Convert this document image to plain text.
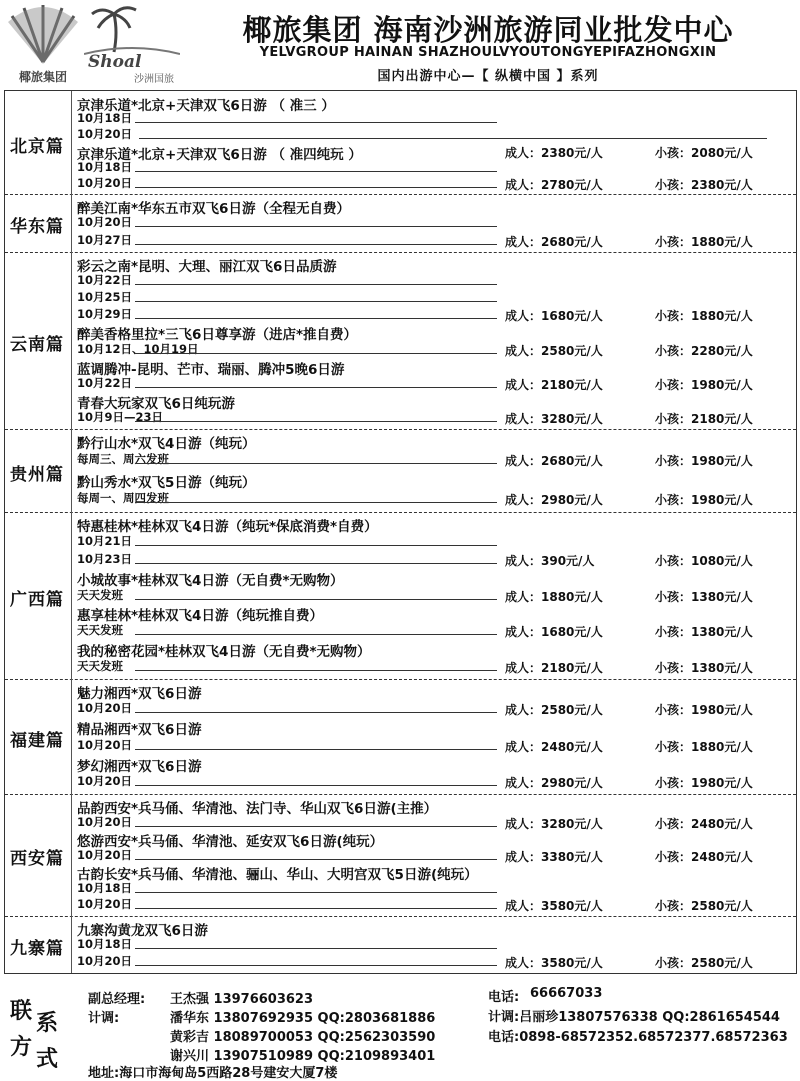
椰旅集团
Shoal
沙洲国旅
椰旅集团 海南沙洲旅游同业批发中心
YELVGROUP HAINAN SHAZHOULVYOUTONGYEPIFAZHONGXIN
国内出游中心—【 纵横中国 】系列
北京篇
京津乐道*北京+天津双飞6日游 （ 准三 ）
10月18日
10月20日
京津乐道*北京+天津双飞6日游 （ 准四纯玩 ）	成人：2380元/人	小孩：2080元/人
10月18日
10月20日	成人：2780元/人	小孩：2380元/人
华东篇
醉美江南*华东五市双飞6日游（全程无自费）
10月20日
10月27日	成人：2680元/人	小孩：1880元/人
云南篇
彩云之南*昆明、大理、丽江双飞6日品质游
10月22日
10月25日
10月29日	成人：1680元/人	小孩：1880元/人
醉美香格里拉*三飞6日尊享游（进店*推自费）
10月12日、10月19日	成人：2580元/人	小孩：2280元/人
蓝调腾冲-昆明、芒市、瑞丽、腾冲5晚6日游
10月22日	成人：2180元/人	小孩：1980元/人
青春大玩家双飞6日纯玩游
10月9日—23日	成人：3280元/人	小孩：2180元/人
贵州篇
黔行山水*双飞4日游（纯玩）
每周三、周六发班	成人：2680元/人	小孩：1980元/人
黔山秀水*双飞5日游（纯玩）
每周一、周四发班	成人：2980元/人	小孩：1980元/人
广西篇
特惠桂林*桂林双飞4日游（纯玩*保底消费*自费）
10月21日
10月23日	成人：390元/人	小孩：1080元/人
小城故事*桂林双飞4日游（无自费*无购物）
天天发班	成人：1880元/人	小孩：1380元/人
惠享桂林*桂林双飞4日游（纯玩推自费）
天天发班	成人：1680元/人	小孩：1380元/人
我的秘密花园*桂林双飞4日游（无自费*无购物）
天天发班	成人：2180元/人	小孩：1380元/人
福建篇
魅力湘西*双飞6日游
10月20日	成人：2580元/人	小孩：1980元/人
精品湘西*双飞6日游
10月20日	成人：2480元/人	小孩：1880元/人
梦幻湘西*双飞6日游
10月20日	成人：2980元/人	小孩：1980元/人
西安篇
品韵西安*兵马俑、华清池、法门寺、华山双飞6日游(主推）
10月20日	成人：3280元/人	小孩：2480元/人
悠游西安*兵马俑、华清池、延安双飞6日游(纯玩）
10月20日	成人：3380元/人	小孩：2480元/人
古韵长安*兵马俑、华清池、骊山、华山、大明宫双飞5日游(纯玩）
10月18日
10月20日	成人：3580元/人	小孩：2580元/人
九寨篇
九寨沟黄龙双飞6日游
10月18日
10月20日	成人：3580元/人	小孩：2580元/人
联 系
方 式
副总经理: 王杰强 13976603623
计调:	潘华东 13807692935 QQ:2803681886
黄彩吉 18089700053 QQ:2562303590
谢兴川 13907510989 QQ:2109893401
地址:海口市海甸岛5西路28号建安大厦7楼
电话: 66667033
计调:吕丽珍13807576338 QQ:2861654544
电话:0898-68572352.68572377.68572363
